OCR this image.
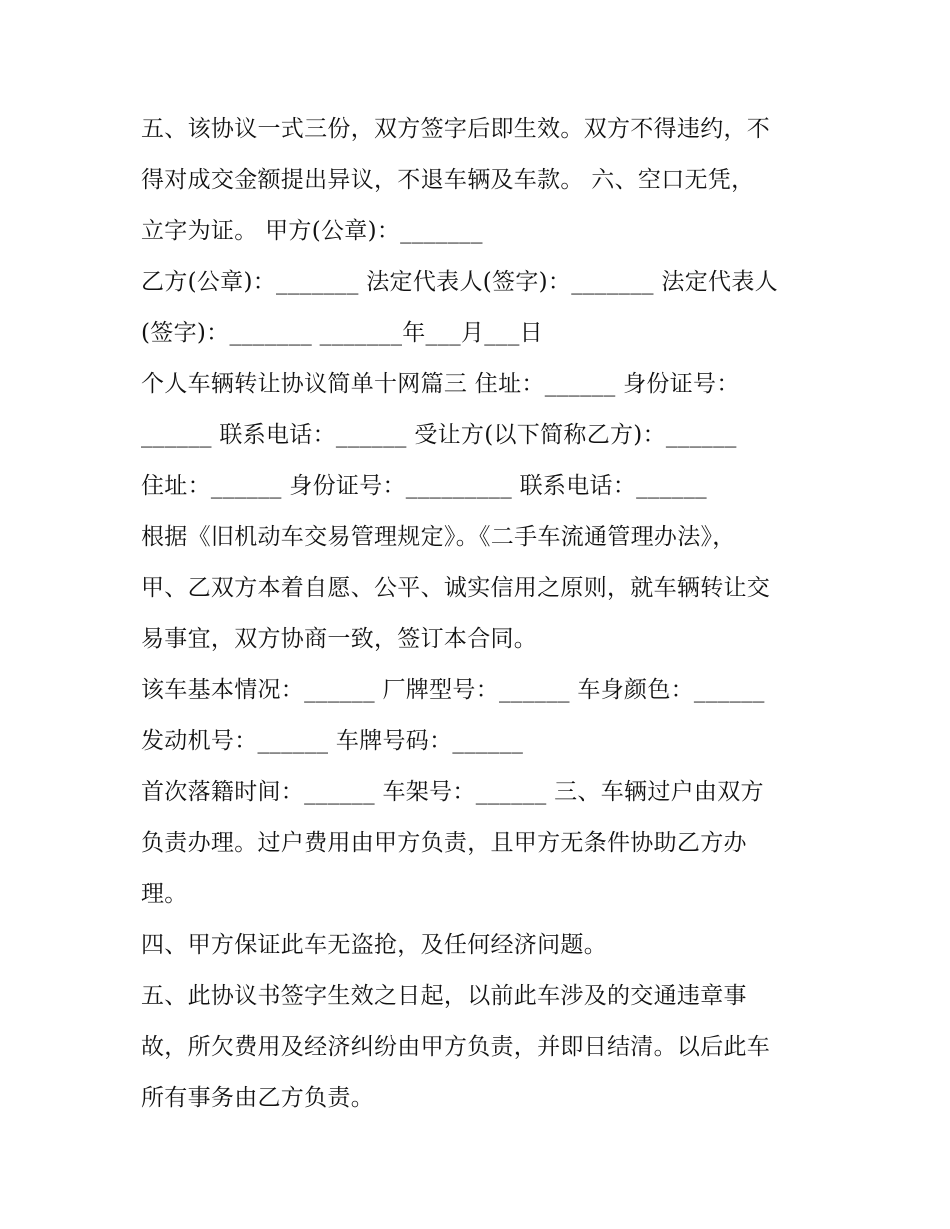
五、该协议一式三份，双方签字后即生效。双方不得违约，不
得对成交金额提出异议，不退车辆及车款。 六、空口无凭，
立字为证。 甲方(公章)：_______
乙方(公章)：_______ 法定代表人(签字)：_______ 法定代表人
(签字)：_______ _______年___月___日
个人车辆转让协议简单十网篇三 住址：______ 身份证号：
______ 联系电话：______ 受让方(以下简称乙方)：______
住址：______ 身份证号：_________ 联系电话：______
根据《旧机动车交易管理规定》。《二手车流通管理办法》，
甲、乙双方本着自愿、公平、诚实信用之原则，就车辆转让交
易事宜，双方协商一致，签订本合同。
该车基本情况：______ 厂牌型号：______ 车身颜色：______
发动机号：______ 车牌号码：______
首次落籍时间：______ 车架号：______ 三、车辆过户由双方
负责办理。过户费用由甲方负责，且甲方无条件协助乙方办
理。
四、甲方保证此车无盗抢，及任何经济问题。
五、此协议书签字生效之日起，以前此车涉及的交通违章事
故，所欠费用及经济纠纷由甲方负责，并即日结清。以后此车
所有事务由乙方负责。
